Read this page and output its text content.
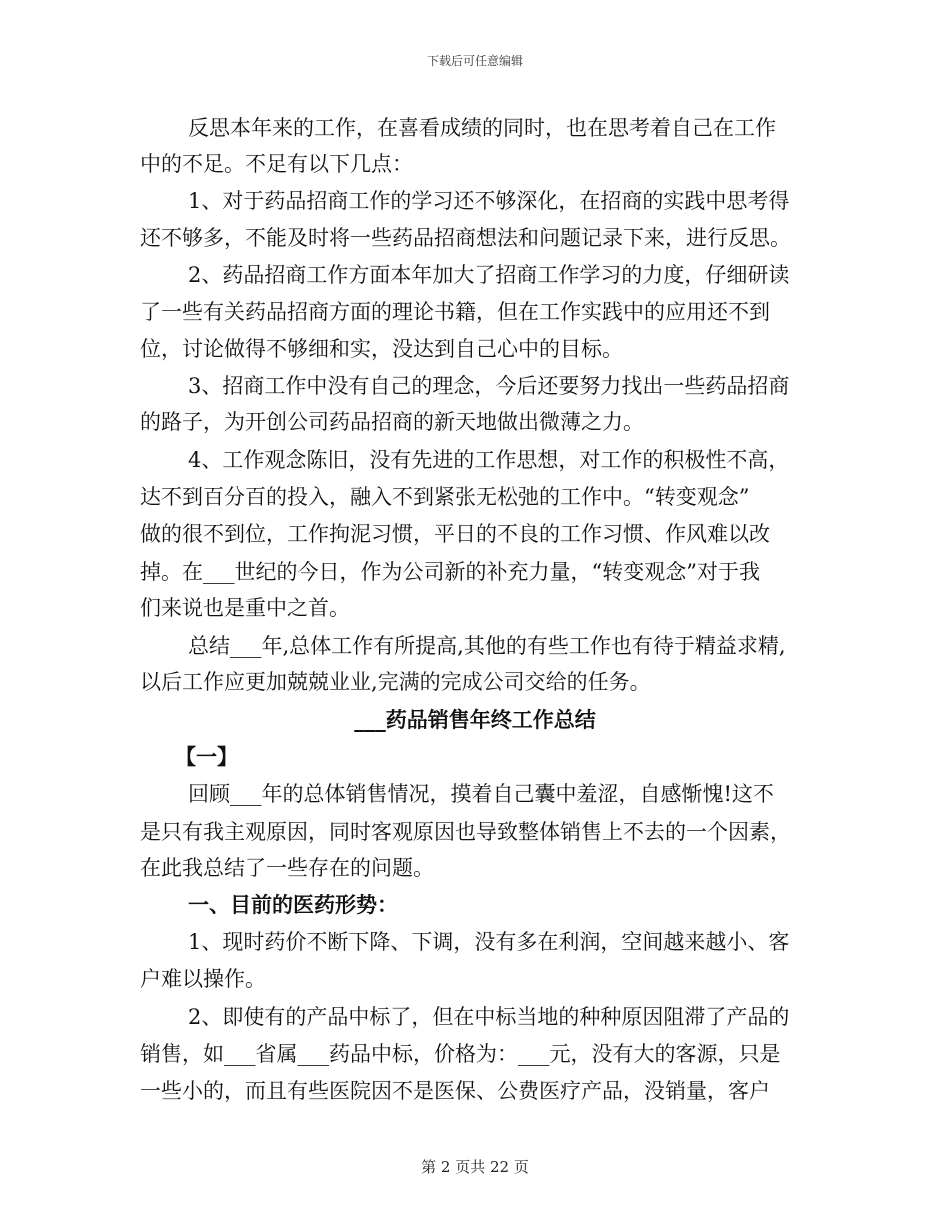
下载后可任意编辑
反思本年来的工作，在喜看成绩的同时，也在思考着自己在工作
中的不足。不足有以下几点：
1、对于药品招商工作的学习还不够深化，在招商的实践中思考得
还不够多，不能及时将一些药品招商想法和问题记录下来，进行反思。
2、药品招商工作方面本年加大了招商工作学习的力度，仔细研读
了一些有关药品招商方面的理论书籍，但在工作实践中的应用还不到
位，讨论做得不够细和实，没达到自己心中的目标。
3、招商工作中没有自己的理念，今后还要努力找出一些药品招商
的路子，为开创公司药品招商的新天地做出微薄之力。
4、工作观念陈旧，没有先进的工作思想，对工作的积极性不高，
达不到百分百的投入，融入不到紧张无松弛的工作中。“转变观念”
做的很不到位，工作拘泥习惯，平日的不良的工作习惯、作风难以改
掉。在___世纪的今日，作为公司新的补充力量，“转变观念”对于我
们来说也是重中之首。
总结___年,总体工作有所提高,其他的有些工作也有待于精益求精,
以后工作应更加兢兢业业,完满的完成公司交给的任务。
___药品销售年终工作总结
【一】
回顾___年的总体销售情况，摸着自己囊中羞涩，自感惭愧!这不
是只有我主观原因，同时客观原因也导致整体销售上不去的一个因素，
在此我总结了一些存在的问题。
一、目前的医药形势：
1、现时药价不断下降、下调，没有多在利润，空间越来越小、客
户难以操作。
2、即使有的产品中标了，但在中标当地的种种原因阻滞了产品的
销售，如___省属___药品中标，价格为：___元，没有大的客源，只是
一些小的，而且有些医院因不是医保、公费医疗产品，没销量，客户
第 2 页共 22 页
